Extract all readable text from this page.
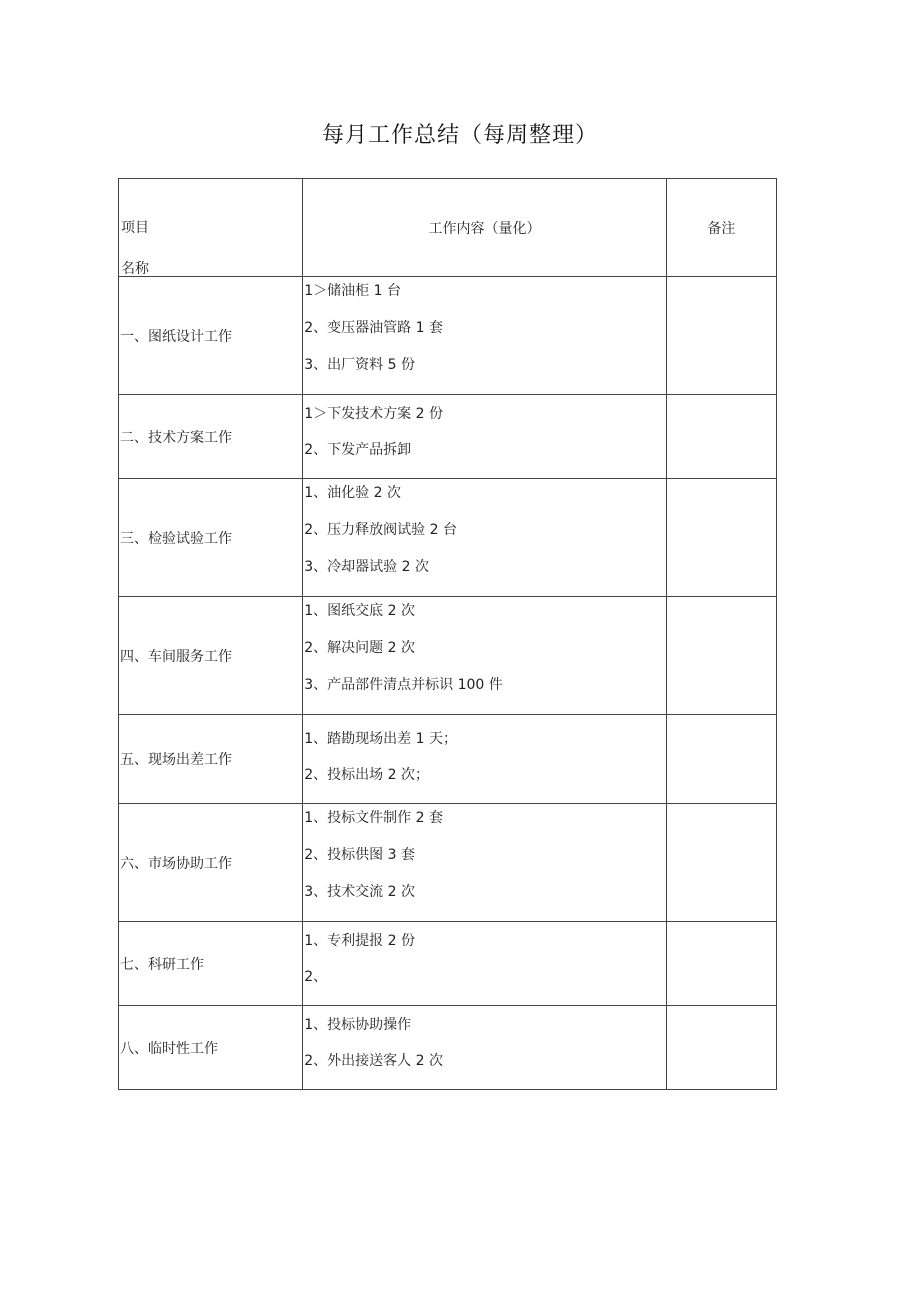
每月工作总结（每周整理）
项目
名称	工作内容（量化）	备注
一、图纸设计工作	1＞储油柜 1 台
2、变压器油管路 1 套
3、出厂资料 5 份	

二、技术方案工作	1＞下发技术方案 2 份
2、下发产品拆卸	

三、检验试验工作	1、油化验 2 次
2、压力释放阀试验 2 台
3、冷却器试验 2 次	

四、车间服务工作	1、图纸交底 2 次
2、解决问题 2 次
3、产品部件清点并标识 100 件	

五、现场出差工作	1、踏勘现场出差 1 天；
2、投标出场 2 次；	

六、市场协助工作	1、投标文件制作 2 套
2、投标供图 3 套
3、技术交流 2 次	

七、科研工作	1、专利提报 2 份
2、	

八、临时性工作	1、投标协助操作
2、外出接送客人 2 次	
